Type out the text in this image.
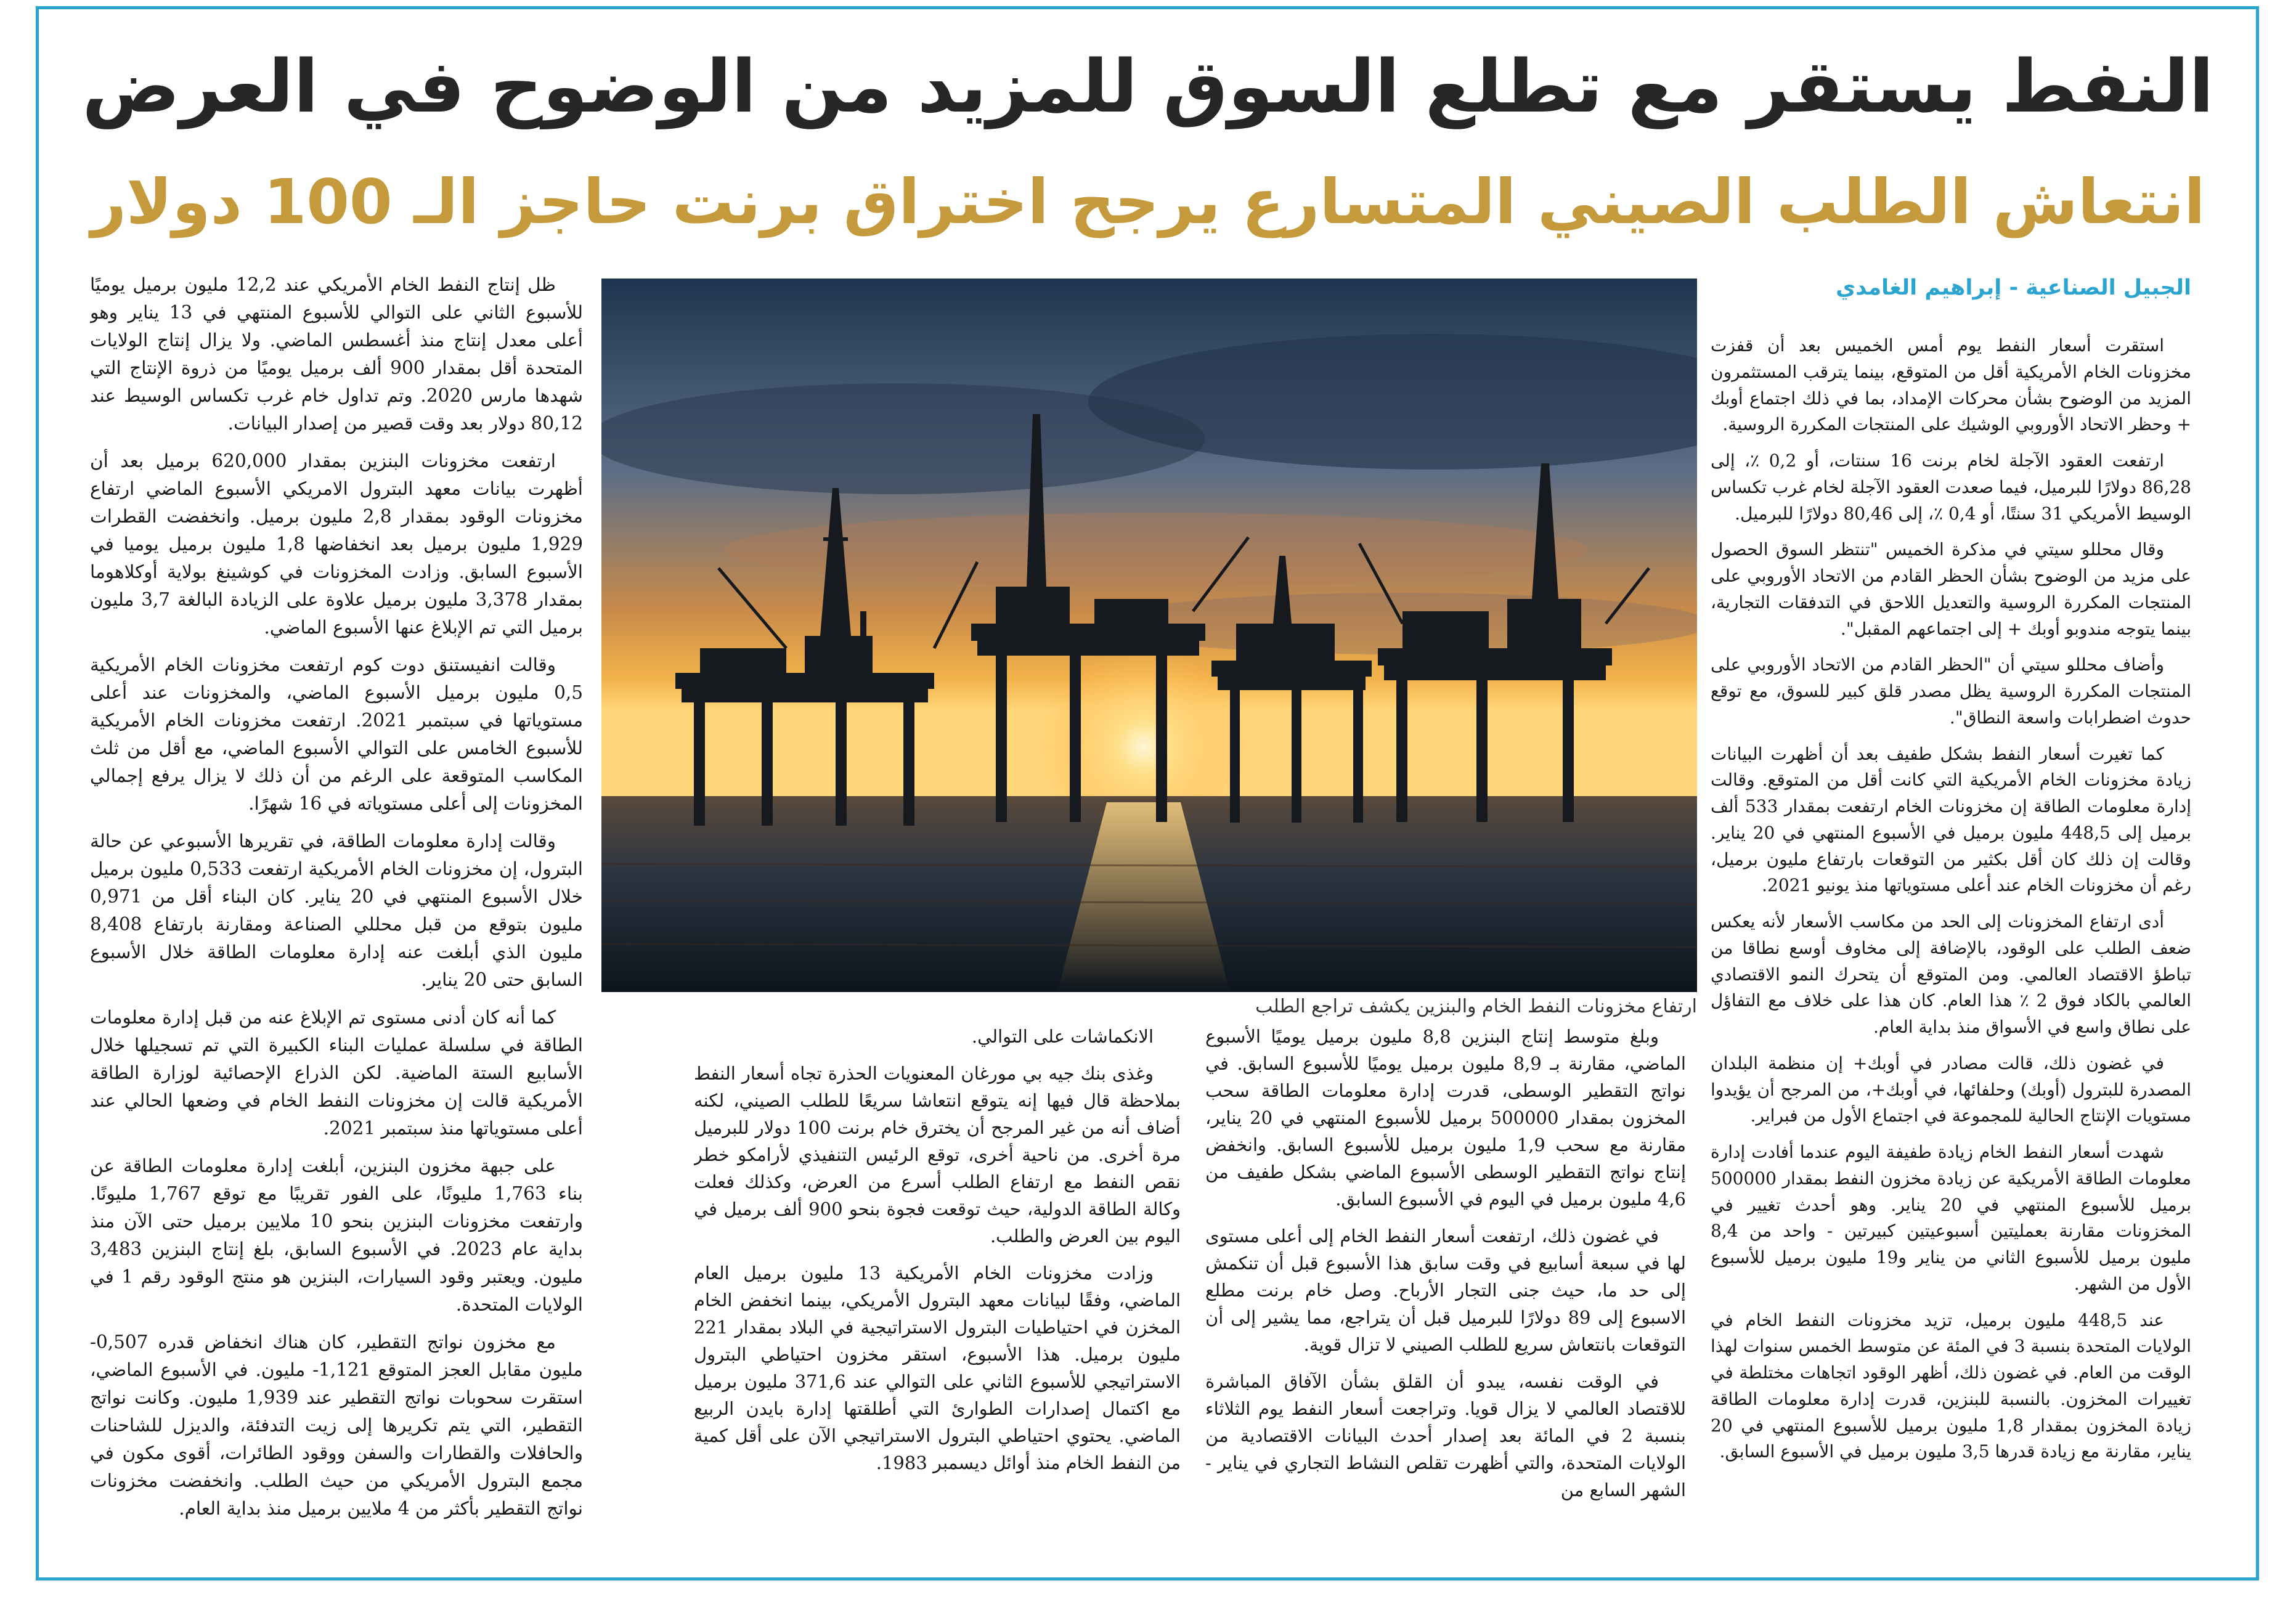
النفط يستقر مع تطلع السوق للمزيد من الوضوح في العرض
انتعاش الطلب الصيني المتسارع يرجح اختراق برنت حاجز الـ 100 دولار
الجبيل الصناعية - إبراهيم الغامدي

استقرت أسعار النفط يوم أمس الخميس بعد أن قفزت مخزونات الخام الأمريكية أقل من المتوقع، بينما يترقب المستثمرون المزيد من الوضوح بشأن محركات الإمداد، بما في ذلك اجتماع أوبك + وحظر الاتحاد الأوروبي الوشيك على المنتجات المكررة الروسية.

ارتفعت العقود الآجلة لخام برنت 16 سنتات، أو 0,2 ٪، إلى 86,28 دولارًا للبرميل، فيما صعدت العقود الآجلة لخام غرب تكساس الوسيط الأمريكي 31 سنتًا، أو 0,4 ٪، إلى 80,46 دولارًا للبرميل.

وقال محللو سيتي في مذكرة الخميس "تنتظر السوق الحصول على مزيد من الوضوح بشأن الحظر القادم من الاتحاد الأوروبي على المنتجات المكررة الروسية والتعديل اللاحق في التدفقات التجارية، بينما يتوجه مندوبو أوبك + إلى اجتماعهم المقبل".

وأضاف محللو سيتي أن "الحظر القادم من الاتحاد الأوروبي على المنتجات المكررة الروسية يظل مصدر قلق كبير للسوق، مع توقع حدوث اضطرابات واسعة النطاق".

كما تغيرت أسعار النفط بشكل طفيف بعد أن أظهرت البيانات زيادة مخزونات الخام الأمريكية التي كانت أقل من المتوقع. وقالت إدارة معلومات الطاقة إن مخزونات الخام ارتفعت بمقدار 533 ألف برميل إلى 448,5 مليون برميل في الأسبوع المنتهي في 20 يناير. وقالت إن ذلك كان أقل بكثير من التوقعات بارتفاع مليون برميل، رغم أن مخزونات الخام عند أعلى مستوياتها منذ يونيو 2021.

أدى ارتفاع المخزونات إلى الحد من مكاسب الأسعار لأنه يعكس ضعف الطلب على الوقود، بالإضافة إلى مخاوف أوسع نطاقا من تباطؤ الاقتصاد العالمي. ومن المتوقع أن يتحرك النمو الاقتصادي العالمي بالكاد فوق 2 ٪ هذا العام. كان هذا على خلاف مع التفاؤل على نطاق واسع في الأسواق منذ بداية العام.

في غضون ذلك، قالت مصادر في أوبك+ إن منظمة البلدان المصدرة للبترول (أوبك) وحلفائها، في أوبك+، من المرجح أن يؤيدوا مستويات الإنتاج الحالية للمجموعة في اجتماع الأول من فبراير.

شهدت أسعار النفط الخام زيادة طفيفة اليوم عندما أفادت إدارة معلومات الطاقة الأمريكية عن زيادة مخزون النفط بمقدار 500000 برميل للأسبوع المنتهي في 20 يناير. وهو أحدث تغيير في المخزونات مقارنة بعمليتين أسبوعيتين كبيرتين - واحد من 8,4 مليون برميل للأسبوع الثاني من يناير و19 مليون برميل للأسبوع الأول من الشهر.

عند 448,5 مليون برميل، تزيد مخزونات النفط الخام في الولايات المتحدة بنسبة 3 في المئة عن متوسط الخمس سنوات لهذا الوقت من العام. في غضون ذلك، أظهر الوقود اتجاهات مختلطة في تغييرات المخزون. بالنسبة للبنزين، قدرت إدارة معلومات الطاقة زيادة المخزون بمقدار 1,8 مليون برميل للأسبوع المنتهي في 20 يناير، مقارنة مع زيادة قدرها 3,5 مليون برميل في الأسبوع السابق.

ارتفاع مخزونات النفط الخام والبنزين يكشف تراجع الطلب

وبلغ متوسط إنتاج البنزين 8,8 مليون برميل يوميًا الأسبوع الماضي، مقارنة بـ 8,9 مليون برميل يوميًا للأسبوع السابق. في نواتج التقطير الوسطى، قدرت إدارة معلومات الطاقة سحب المخزون بمقدار 500000 برميل للأسبوع المنتهي في 20 يناير، مقارنة مع سحب 1,9 مليون برميل للأسبوع السابق. وانخفض إنتاج نواتج التقطير الوسطى الأسبوع الماضي بشكل طفيف من 4,6 مليون برميل في اليوم في الأسبوع السابق.

في غضون ذلك، ارتفعت أسعار النفط الخام إلى أعلى مستوى لها في سبعة أسابيع في وقت سابق هذا الأسبوع قبل أن تنكمش إلى حد ما، حيث جنى التجار الأرباح. وصل خام برنت مطلع الاسبوع إلى 89 دولارًا للبرميل قبل أن يتراجع، مما يشير إلى أن التوقعات بانتعاش سريع للطلب الصيني لا تزال قوية.

في الوقت نفسه، يبدو أن القلق بشأن الآفاق المباشرة للاقتصاد العالمي لا يزال قويا. وتراجعت أسعار النفط يوم الثلاثاء بنسبة 2 في المائة بعد إصدار أحدث البيانات الاقتصادية من الولايات المتحدة، والتي أظهرت تقلص النشاط التجاري في يناير - الشهر السابع من

الانكماشات على التوالي.

وغذى بنك جيه بي مورغان المعنويات الحذرة تجاه أسعار النفط بملاحظة قال فيها إنه يتوقع انتعاشا سريعًا للطلب الصيني، لكنه أضاف أنه من غير المرجح أن يخترق خام برنت 100 دولار للبرميل مرة أخرى. من ناحية أخرى، توقع الرئيس التنفيذي لأرامكو خطر نقص النفط مع ارتفاع الطلب أسرع من العرض، وكذلك فعلت وكالة الطاقة الدولية، حيث توقعت فجوة بنحو 900 ألف برميل في اليوم بين العرض والطلب.

وزادت مخزونات الخام الأمريكية 13 مليون برميل العام الماضي، وفقًا لبيانات معهد البترول الأمريكي، بينما انخفض الخام المخزن في احتياطيات البترول الاستراتيجية في البلاد بمقدار 221 مليون برميل. هذا الأسبوع، استقر مخزون احتياطي البترول الاستراتيجي للأسبوع الثاني على التوالي عند 371,6 مليون برميل مع اكتمال إصدارات الطوارئ التي أطلقتها إدارة بايدن الربيع الماضي. يحتوي احتياطي البترول الاستراتيجي الآن على أقل كمية من النفط الخام منذ أوائل ديسمبر 1983.

ظل إنتاج النفط الخام الأمريكي عند 12,2 مليون برميل يوميًا للأسبوع الثاني على التوالي للأسبوع المنتهي في 13 يناير وهو أعلى معدل إنتاج منذ أغسطس الماضي. ولا يزال إنتاج الولايات المتحدة أقل بمقدار 900 ألف برميل يوميًا من ذروة الإنتاج التي شهدها مارس 2020. وتم تداول خام غرب تكساس الوسيط عند 80,12 دولار بعد وقت قصير من إصدار البيانات.

ارتفعت مخزونات البنزين بمقدار 620,000 برميل بعد أن أظهرت بيانات معهد البترول الامريكي الأسبوع الماضي ارتفاع مخزونات الوقود بمقدار 2,8 مليون برميل. وانخفضت القطرات 1,929 مليون برميل بعد انخفاضها 1,8 مليون برميل يوميا في الأسبوع السابق. وزادت المخزونات في كوشينغ بولاية أوكلاهوما بمقدار 3,378 مليون برميل علاوة على الزيادة البالغة 3,7 مليون برميل التي تم الإبلاغ عنها الأسبوع الماضي.

وقالت انفيستنق دوت كوم ارتفعت مخزونات الخام الأمريكية 0,5 مليون برميل الأسبوع الماضي، والمخزونات عند أعلى مستوياتها في سبتمبر 2021. ارتفعت مخزونات الخام الأمريكية للأسبوع الخامس على التوالي الأسبوع الماضي، مع أقل من ثلث المكاسب المتوقعة على الرغم من أن ذلك لا يزال يرفع إجمالي المخزونات إلى أعلى مستوياته في 16 شهرًا.

وقالت إدارة معلومات الطاقة، في تقريرها الأسبوعي عن حالة البترول، إن مخزونات الخام الأمريكية ارتفعت 0,533 مليون برميل خلال الأسبوع المنتهي في 20 يناير. كان البناء أقل من 0,971 مليون بتوقع من قبل محللي الصناعة ومقارنة بارتفاع 8,408 مليون الذي أبلغت عنه إدارة معلومات الطاقة خلال الأسبوع السابق حتى 20 يناير.

كما أنه كان أدنى مستوى تم الإبلاغ عنه من قبل إدارة معلومات الطاقة في سلسلة عمليات البناء الكبيرة التي تم تسجيلها خلال الأسابيع الستة الماضية. لكن الذراع الإحصائية لوزارة الطاقة الأمريكية قالت إن مخزونات النفط الخام في وضعها الحالي عند أعلى مستوياتها منذ سبتمبر 2021.

على جبهة مخزون البنزين، أبلغت إدارة معلومات الطاقة عن بناء 1,763 مليونًا، على الفور تقريبًا مع توقع 1,767 مليونًا. وارتفعت مخزونات البنزين بنحو 10 ملايين برميل حتى الآن منذ بداية عام 2023. في الأسبوع السابق، بلغ إنتاج البنزين 3,483 مليون. ويعتبر وقود السيارات، البنزين هو منتج الوقود رقم 1 في الولايات المتحدة.

مع مخزون نواتج التقطير، كان هناك انخفاض قدره 0,507- مليون مقابل العجز المتوقع 1,121- مليون. في الأسبوع الماضي، استقرت سحوبات نواتج التقطير عند 1,939 مليون. وكانت نواتج التقطير، التي يتم تكريرها إلى زيت التدفئة، والديزل للشاحنات والحافلات والقطارات والسفن ووقود الطائرات، أقوى مكون في مجمع البترول الأمريكي من حيث الطلب. وانخفضت مخزونات نواتج التقطير بأكثر من 4 ملايين برميل منذ بداية العام.
